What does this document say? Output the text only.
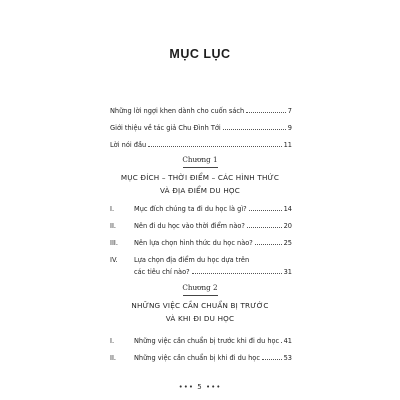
MỤC LỤC
Những lời ngợi khen dành cho cuốn sách	7
Giới thiệu về tác giả Chu Đình Tới	9
Lời nói đầu	11
Chương 1
MỤC ĐÍCH – THỜI ĐIỂM – CÁC HÌNH THỨC
VÀ ĐỊA ĐIỂM DU HỌC
I.	Mục đích chúng ta đi du học là gì?	14
II.	Nên đi du học vào thời điểm nào?	20
III.	Nên lựa chọn hình thức du học nào?	25
IV.	Lựa chọn địa điểm du học dựa trên
các tiêu chí nào?	31
Chương 2
NHỮNG VIỆC CẦN CHUẨN BỊ TRƯỚC
VÀ KHI ĐI DU HỌC
I.	Những việc cần chuẩn bị trước khi đi du học 41
II.	Những việc cần chuẩn bị khi đi du học	53
••• 5 •••
